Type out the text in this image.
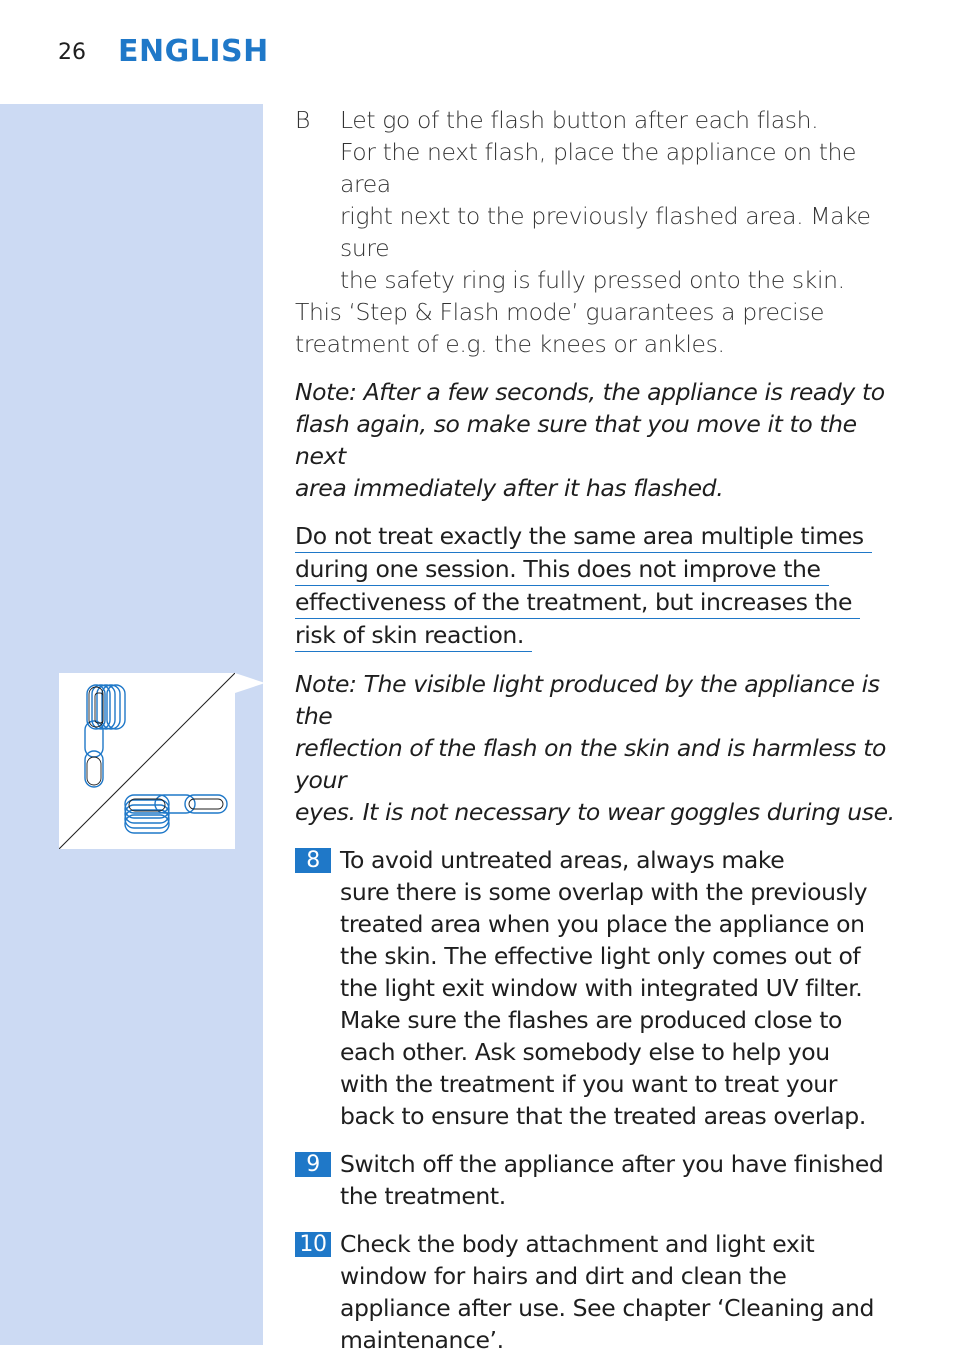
26 ENGLISH
B Let go of the flash button after each flash.
For the next flash, place the appliance on the area
right next to the previously flashed area. Make sure
the safety ring is fully pressed onto the skin.
This ‘Step & Flash mode’ guarantees a precise
treatment of e.g. the knees or ankles.
Note: After a few seconds, the appliance is ready to
flash again, so make sure that you move it to the next
area immediately after it has flashed.
Do not treat exactly the same area multiple times
during one session. This does not improve the
effectiveness of the treatment, but increases the
risk of skin reaction.
Note: The visible light produced by the appliance is the
reflection of the flash on the skin and is harmless to your
eyes. It is not necessary to wear goggles during use.
8 To avoid untreated areas, always make
sure there is some overlap with the previously
treated area when you place the appliance on
the skin. The effective light only comes out of
the light exit window with integrated UV filter.
Make sure the flashes are produced close to
each other. Ask somebody else to help you
with the treatment if you want to treat your
back to ensure that the treated areas overlap.
9 Switch off the appliance after you have finished
the treatment.
10 Check the body attachment and light exit
window for hairs and dirt and clean the
appliance after use. See chapter ‘Cleaning and
maintenance’.
